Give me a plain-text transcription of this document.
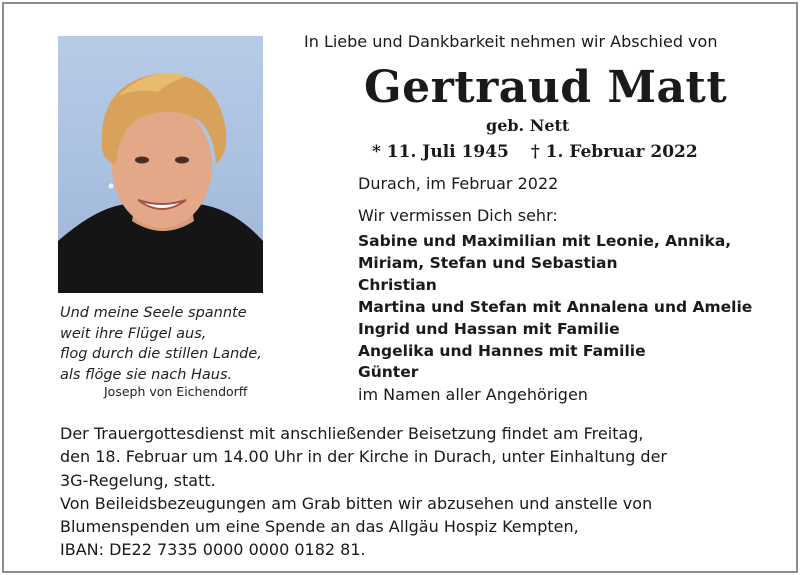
Und meine Seele spannte
weit ihre Flügel aus,
flog durch die stillen Lande,
als flöge sie nach Haus.
Joseph von Eichendorff
In Liebe und Dankbarkeit nehmen wir Abschied von
Gertraud Matt
geb. Nett
* 11. Juli 1945 † 1. Februar 2022
Durach, im Februar 2022
Wir vermissen Dich sehr:
Sabine und Maximilian mit Leonie, Annika,
Miriam, Stefan und Sebastian
Christian
Martina und Stefan mit Annalena und Amelie
Ingrid und Hassan mit Familie
Angelika und Hannes mit Familie
Günter
im Namen aller Angehörigen
Der Trauergottesdienst mit anschließender Beisetzung findet am Freitag,
den 18. Februar um 14.00 Uhr in der Kirche in Durach, unter Einhaltung der
3G-Regelung, statt.
Von Beileidsbezeugungen am Grab bitten wir abzusehen und anstelle von
Blumenspenden um eine Spende an das Allgäu Hospiz Kempten,
IBAN: DE22 7335 0000 0000 0182 81.
